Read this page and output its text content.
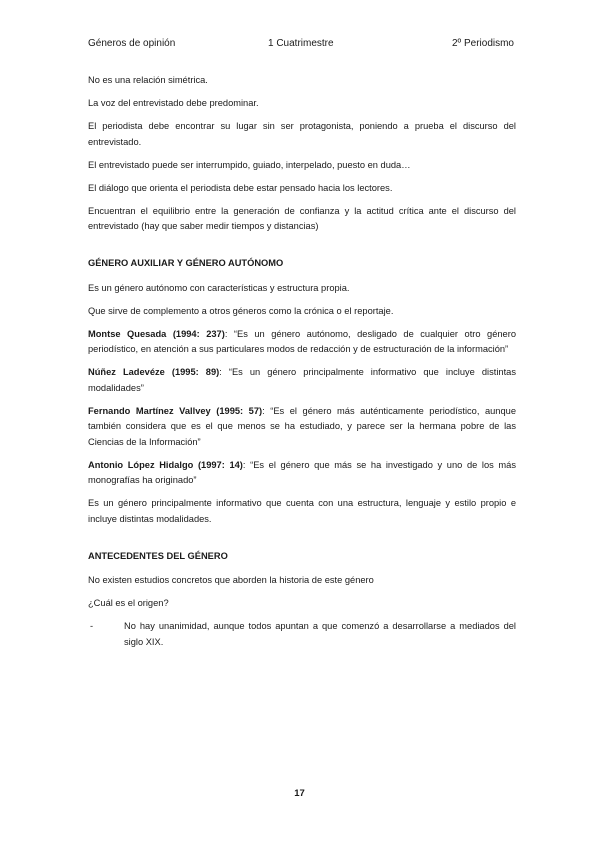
Géneros de opinión	1 Cuatrimestre	2º Periodismo

No es una relación simétrica.

La voz del entrevistado debe predominar.

El periodista debe encontrar su lugar sin ser protagonista, poniendo a prueba el discurso del entrevistado.

El entrevistado puede ser interrumpido, guiado, interpelado, puesto en duda…

El diálogo que orienta el periodista debe estar pensado hacia los lectores.

Encuentran el equilibrio entre la generación de confianza y la actitud crítica ante el discurso del entrevistado (hay que saber medir tiempos y distancias)

GÉNERO AUXILIAR Y GÉNERO AUTÓNOMO

Es un género autónomo con características y estructura propia.

Que sirve de complemento a otros géneros como la crónica o el reportaje.

Montse Quesada (1994: 237): “Es un género autónomo, desligado de cualquier otro género periodístico, en atención a sus particulares modos de redacción y de estructuración de la información”

Núñez Ladevéze (1995: 89): “Es un género principalmente informativo que incluye distintas modalidades”

Fernando Martínez Vallvey (1995: 57): “Es el género más auténticamente periodístico, aunque también considera que es el que menos se ha estudiado, y parece ser la hermana pobre de las Ciencias de la Información”

Antonio López Hidalgo (1997: 14): “Es el género que más se ha investigado y uno de los más monografías ha originado”

Es un género principalmente informativo que cuenta con una estructura, lenguaje y estilo propio e incluye distintas modalidades.

ANTECEDENTES DEL GÉNERO

No existen estudios concretos que aborden la historia de este género

¿Cuál es el origen?

-	No hay unanimidad, aunque todos apuntan a que comenzó a desarrollarse a mediados del siglo XIX.
17
